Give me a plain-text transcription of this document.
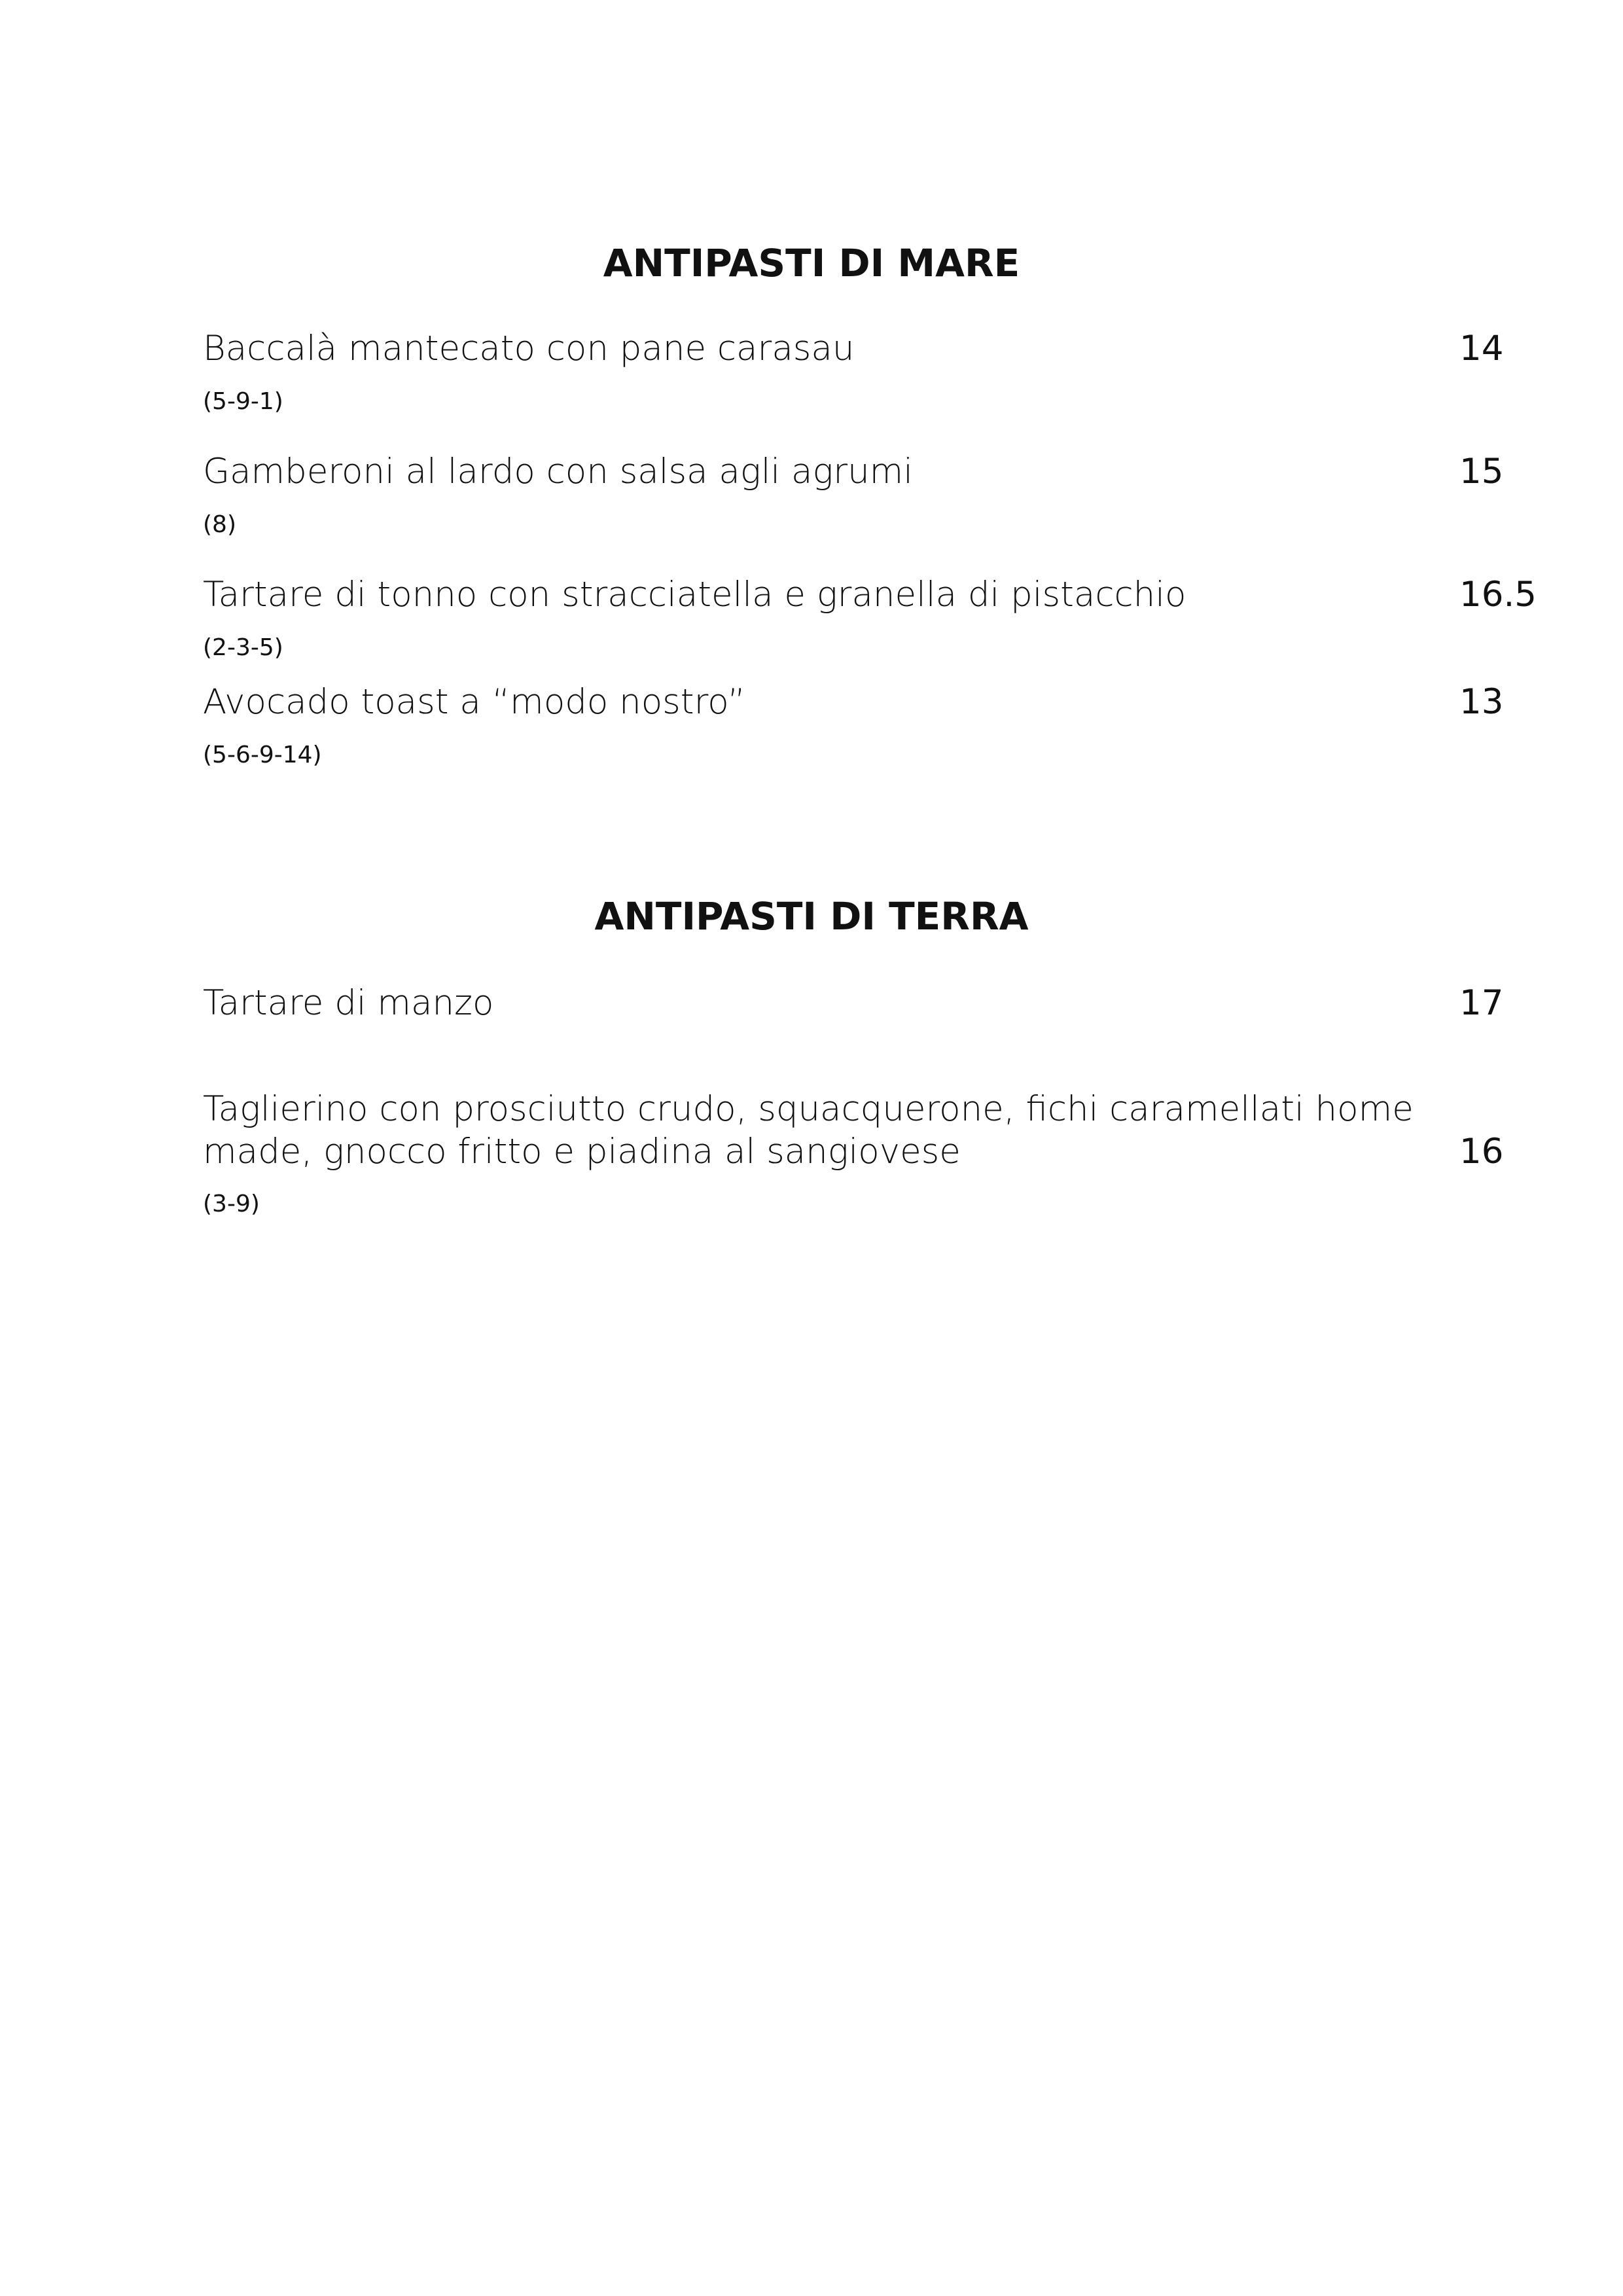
ANTIPASTI DI MARE

Baccalà mantecato con pane carasau	14

(5-9-1)

Gamberoni al lardo con salsa agli agrumi	15

(8)

Tartare di tonno con stracciatella e granella di pistacchio	16.5

(2-3-5)

Avocado toast a “modo nostro”	13

(5-6-9-14)

ANTIPASTI DI TERRA

Tartare di manzo	17

Taglierino con prosciutto crudo, squacquerone, fichi caramellati home

made, gnocco fritto e piadina al sangiovese	16

(3-9)
